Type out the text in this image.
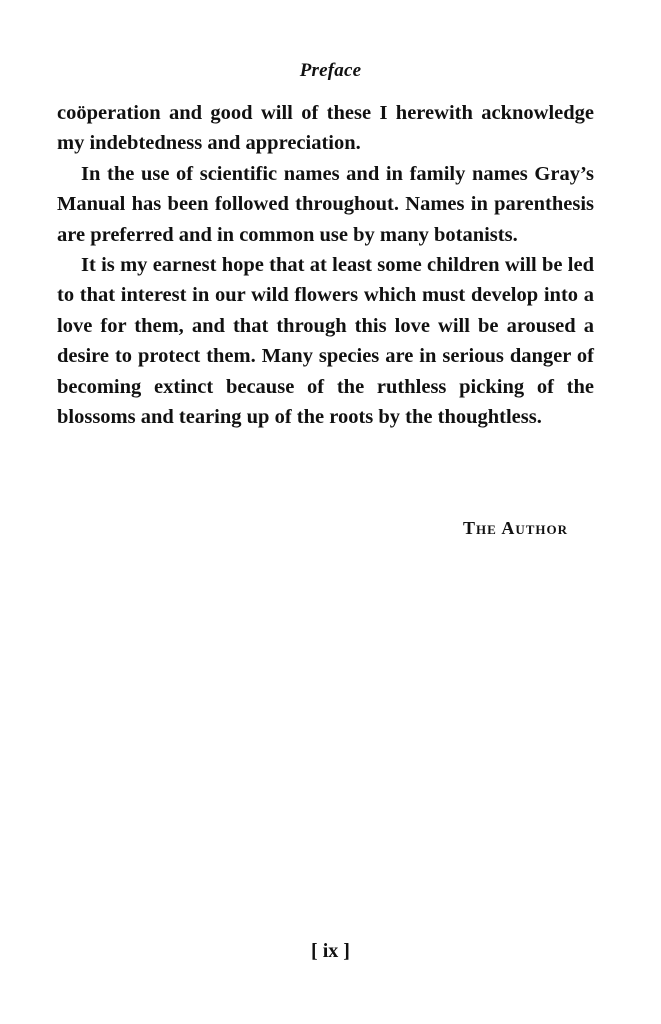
Preface

coöperation and good will of these I herewith acknowledge my indebtedness and appreciation.

In the use of scientific names and in family names Gray’s Manual has been followed throughout. Names in parenthesis are preferred and in common use by many botanists.

It is my earnest hope that at least some children will be led to that interest in our wild flowers which must develop into a love for them, and that through this love will be aroused a desire to protect them. Many species are in serious danger of becoming extinct because of the ruthless picking of the blossoms and tearing up of the roots by the thoughtless.

The Author
[ ix ]
